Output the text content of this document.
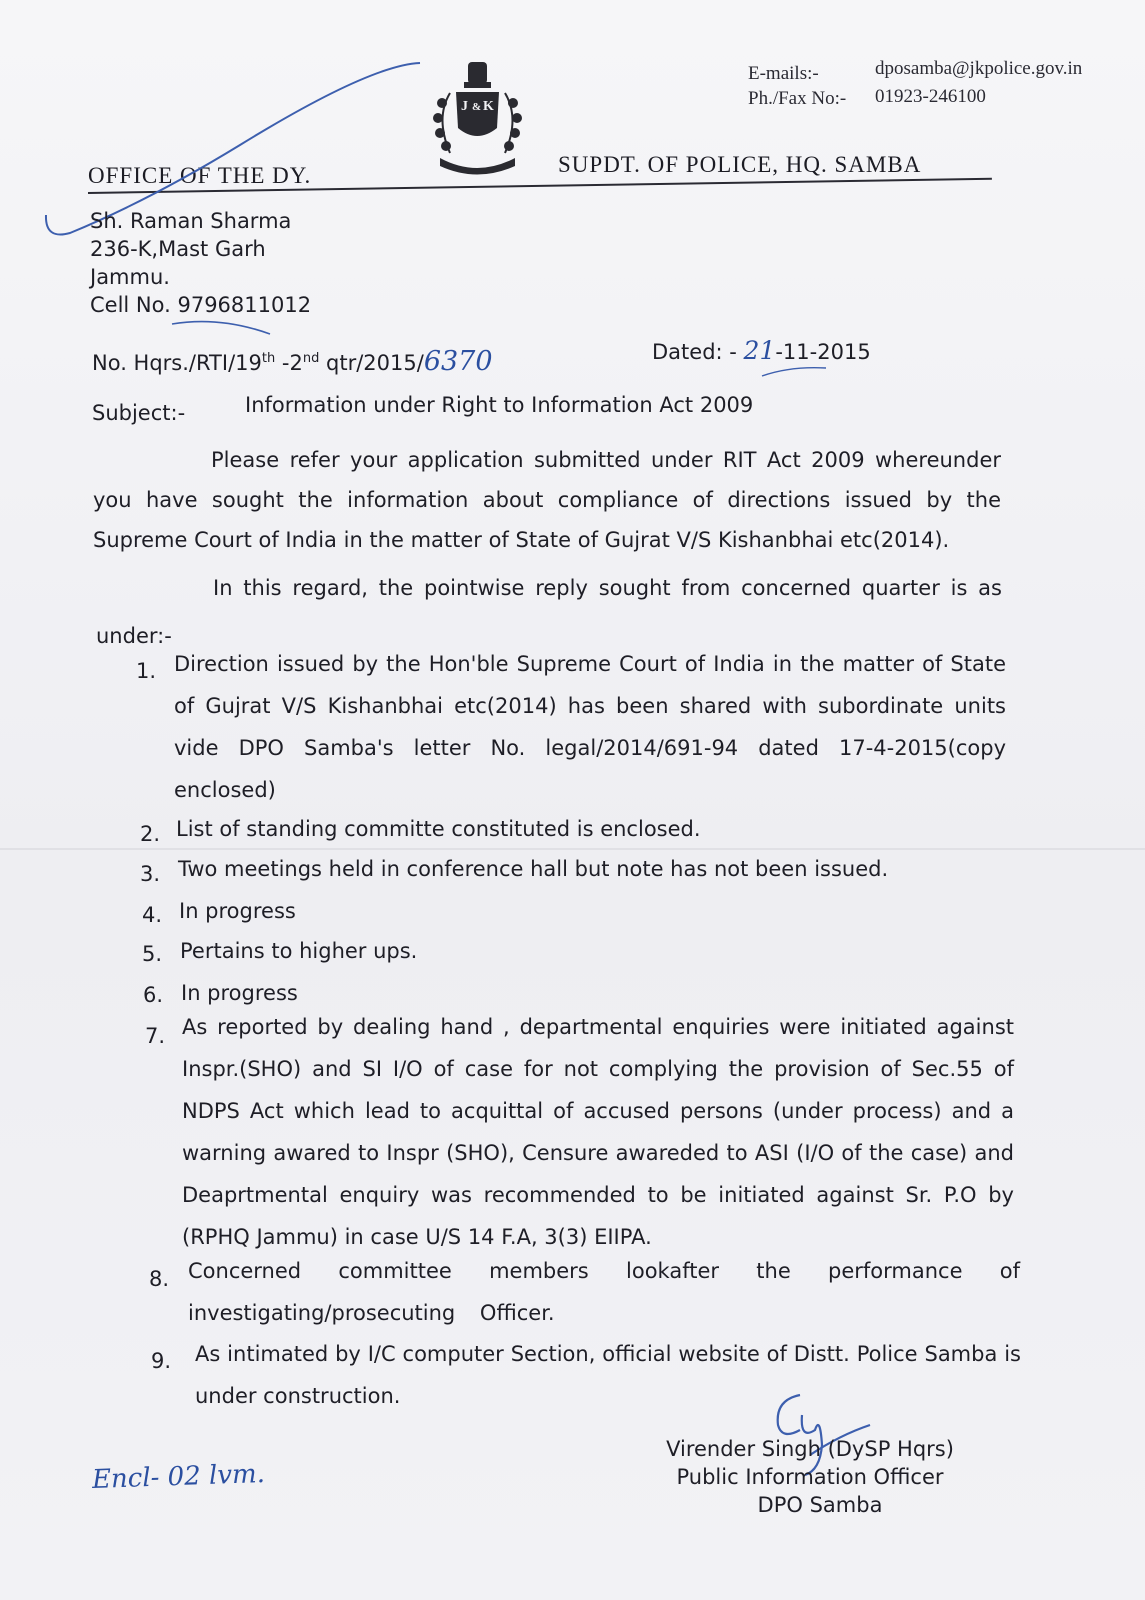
E-mails:-	dposamba@jkpolice.gov.in
Ph./Fax No:- 01923-246100
J & K
OFFICE OF THE DY.	SUPDT. OF POLICE, HQ. SAMBA
Sh. Raman Sharma
236-K,Mast Garh
Jammu.
Cell No. 9796811012
No. Hqrs./RTI/19th -2nd qtr/2015/6370	Dated: - 21-11-2015
Subject:-	Information under Right to Information Act 2009
Please refer your application submitted under RIT Act 2009 whereunder you have sought the information about compliance of directions issued by the Supreme Court of India in the matter of State of Gujrat V/S Kishanbhai etc(2014).
In this regard, the pointwise reply sought from concerned quarter is as under:-
1. Direction issued by the Hon'ble Supreme Court of India in the matter of State of Gujrat V/S Kishanbhai etc(2014) has been shared with subordinate units vide DPO Samba's letter No. legal/2014/691-94 dated 17-4-2015(copy enclosed)
2. List of standing committe constituted is enclosed.
3. Two meetings held in conference hall but note has not been issued.
4. In progress
5. Pertains to higher ups.
6. In progress
7. As reported by dealing hand , departmental enquiries were initiated against Inspr.(SHO) and SI I/O of case for not complying the provision of Sec.55 of NDPS Act which lead to acquittal of accused persons (under process) and a warning awared to Inspr (SHO), Censure awareded to ASI (I/O of the case) and Deaprtmental enquiry was recommended to be initiated against Sr. P.O by (RPHQ Jammu) in case U/S 14 F.A, 3(3) EIIPA.
8. Concerned committee members lookafter the performance of investigating/prosecuting Officer.
9. As intimated by I/C computer Section, official website of Distt. Police Samba is under construction.
Virender Singh (DySP Hqrs)
Public Information Officer
DPO Samba
Encl- 02 lvm.
